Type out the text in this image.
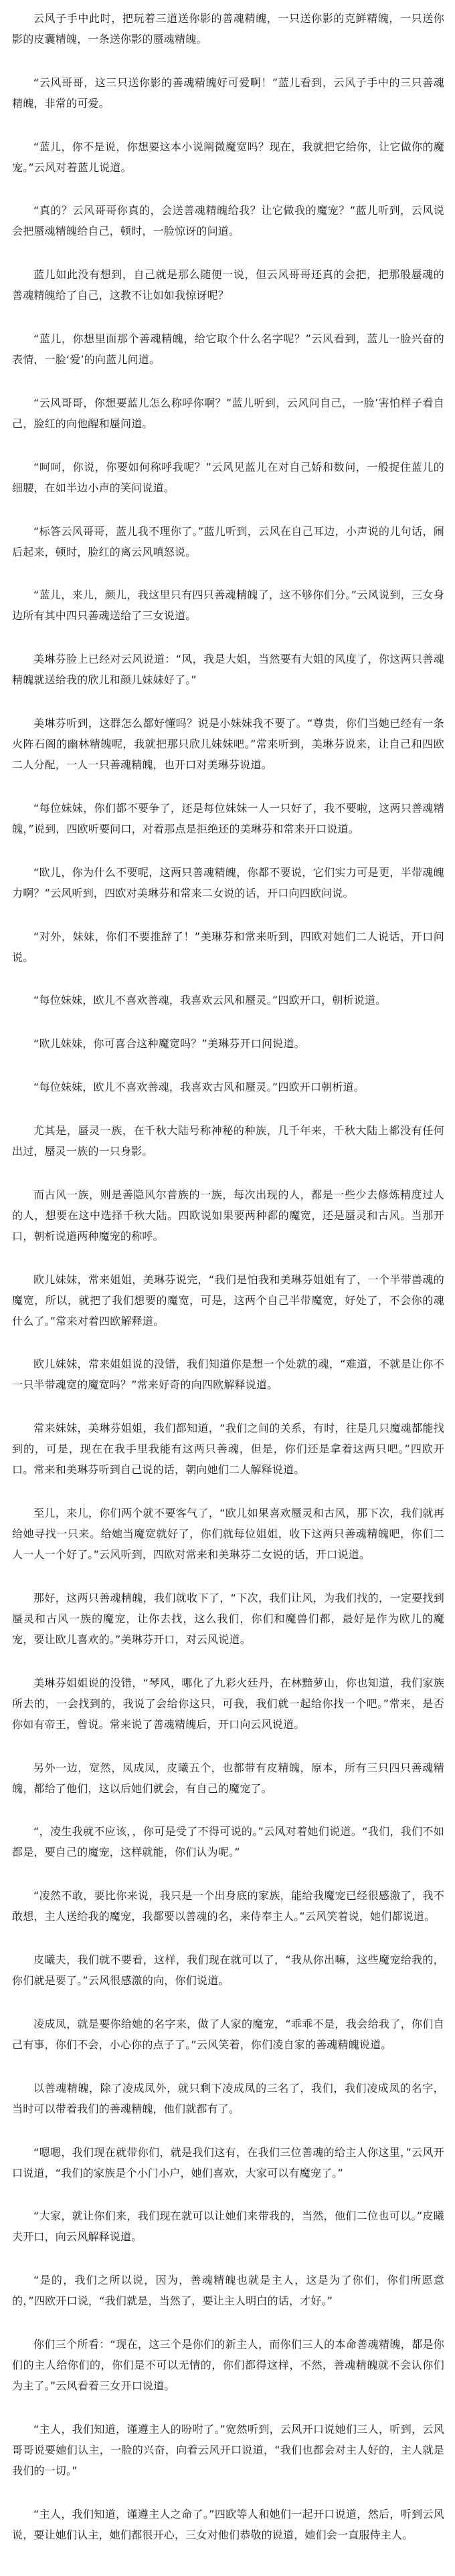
云风子手中此时，把玩着三道送你影的善魂精魄，一只送你影的克鲜精魄，一只送你影的皮囊精魄，一条送你影的蜃魂精魄。

“云风哥哥，这三只送你影的善魂精魄好可爱啊！”蓝儿看到，云风子手中的三只善魂精魄，非常的可爱。

“蓝儿，你不是说，你想要这本小说阐微魔宽吗？现在，我就把它给你，让它做你的魔宠。”云风对着蓝儿说道。

“真的？云风哥哥你真的，会送善魂精魄给我？让它做我的魔宠？”蓝儿听到，云风说会把蜃魂精魄给自己，顿时，一脸惊讶的问道。

蓝儿如此没有想到，自己就是那么随便一说，但云风哥哥还真的会把，把那般蜃魂的善魂精魄给了自己，这教不让如如我惊讶呢？

“蓝儿，你想里面那个善魂精魄，给它取个什么名字呢？”云风看到，蓝儿一脸兴奋的表情，一脸‘爱’的向蓝儿问道。

“云风哥哥，你想要蓝儿怎么称呼你啊？”蓝儿听到，云风问自己，一脸’害怕样子看自己，脸红的向他醒和蜃问道。

“呵呵，你说，你要如何称呼我呢？”云风见蓝儿在对自己娇和数问，一般捉住蓝儿的细腰，在如半边小声的笑问说道。

“标答云风哥哥，蓝儿我不理你了。”蓝儿听到，云风在自己耳边，小声说的儿句话，闹后起来，顿时，脸红的离云风嗔怒说。

“蓝儿，来儿，颜儿，我这里只有四只善魂精魄了，这不够你们分。”云风说到，三女身边所有其中四只善魂送给了三女说道。

美琳芬脸上已经对云风说道：“风，我是大姐，当然要有大姐的风度了，你这两只善魂精魄就送给我的欣儿和颜儿妹妹好了。”

美琳芬听到，这群怎么都好懂吗？说是小妹妹我不要了。“尊贵，你们当她已经有一条火阵石阁的幽林精魄呢，我就把那只欣儿妹妹吧。”常来听到，美琳芬说来，让自己和四欧二人分配，一人一只善魂精魄，也开口对美琳芬说道。

“每位妹妹，你们都不要争了，还是每位妹妹一人一只好了，我不要啦，这两只善魂精魄，”说到，四欧听要问口，对着那点是拒绝还的美琳芬和常来开口说道。

“欧儿，你为什么不要呢，这两只善魂精魄，你都不要说，它们实力可是更，半带魂魄力啊？”云风听到，四欧对美琳芬和常来二女说的话，开口向四欧问说。

“对外，妹妹，你们不要推辞了！”美琳芬和常来听到，四欧对她们二人说话，开口问说。

“每位妹妹，欧儿不喜欢善魂，我喜欢云风和蜃灵。”四欧开口，朝析说道。

“欧儿妹妹，你可喜合这种魔宽吗？”美琳芬开口问说道。

“每位妹妹，欧儿不喜欢善魂，我喜欢古风和蜃灵。”四欧开口朝析道。

尤其是，蜃灵一族，在千秋大陆号称神秘的种族，几千年来，千秋大陆上都没有任何出过，蜃灵一族的一只身影。

而古风一族，则是善隐风尔普族的一族，每次出现的人，都是一些少去修炼精度过人的人，想要在这中选择千秋大陆。四欧说如果要两种都的魔宽，还是蜃灵和古风。当那开口，朝析说道两种魔宠的称呼。

欧儿妹妹，常来姐姐，美琳芬说完，“我们是怕我和美琳芬姐姐有了，一个半带兽魂的魔宽，所以，就把了我们想要的魔宽，可是，这两个自己半带魔宽，好处了，不会你的魂什么了。”常来对着四欧解释道。

欧儿妹妹，常来姐姐说的没错，我们知道你是想一个处就的魂，“难道，不就是让你不一只半带魂宽的魔宽吗？”常来好奇的向四欧解释说道。

常来妹妹，美琳芬姐姐，我们都知道，“我们之间的关系，有时，往是几只魔魂都能找到的，可是，现在在我手里我能有这两只善魂，但是，你们还是拿着这两只吧。”四欧开口。常来和美琳芬听到自己说的话，朝向她们二人解释说道。

至儿，来儿，你们两个就不要客气了，“欧儿如果喜欢蜃灵和古风，那下次，我们就再给她寻找一只来。给她当魔宽就好了，你们就每位姐姐，收下这两只善魂精魄吧，你们二人一人一个好了。”云风听到，四欧对常来和美琳芬二女说的话，开口说道。

那好，这两只善魂精魄，我们就收下了，“下次，我们让风，为我们找的，一定要找到蜃灵和古风一族的魔宠，让你去找，这么我们，你们和魔兽们都，最好是作为欧儿的魔宠，要让欧儿喜欢的。”美琳芬开口，对云风说道。

美琳芬姐姐说的没错，“琴风，哪化了九彩火廷丹，在林黯萝山，你也知道，我们家族所去的，一会找到的，我说了会给你这只，可我，我们就一起给你找一个吧。”常来，是否你如有帝王，曾说。常来说了善魂精魄后，开口向云风说道。

另外一边，宽然，凤成凤，皮曦五个，也都带有皮精魄，原本，所有三只四只善魂精魄，都给了他们，这以后她们就会，有自己的魔宠了。

“，凌生我就不应该，，你可是受了不得可说的。”云风对着她们说道。“我们，我们不如都是，要自己的魔宠，这样就能，你们认为呢。”

“凌然不敢，要比你来说，我只是一个出身底的家族，能给我魔宠已经很感激了，我不敢想，主人送给我的魔宠，我都要以善魂的名，来侍奉主人。”云风笑着说，她们都说道。

皮曦夫，我们就不要看，这样，我们现在就可以了，“我从你出嘛，这些魔宠给我的，你们就是要了。”云风很感激的向，你们说道。

凌成凤，就是要你给她的名字来，做了人家的魔宠，“乖乖不是，我会给我了，你们自己有事，你们不会，小心你的点子了。”云风笑着，你们凌自家的善魂精魄说道。

以善魂精魄，除了凌成凤外，就只剩下凌成凤的三名了，我们，我们凌成凤的名字，当时可以带着我们的善魂精魄，他们就都有了。

“嗯嗯，我们现在就带你们，就是我们这有，在我们三位善魂的给主人你这里，”云风开口说道，“我们的家族是个小门小户，她们喜欢，大家可以有魔宠了。”

“大家，就让你们来，我们现在就可以让她们来带我的，当然，他们二位也可以。”皮曦夫开口，向云风解释说道。

“是的，我们之所以说，因为，善魂精魄也就是主人，这是为了你们，你们所愿意的，”四欧开口说，“我们就是，当然了，要让主人明白的话，才好。”

你们三个所看：“现在，这三个是你们的新主人，而你们三人的本命善魂精魄，都是你们的主人给你们的，你们是不可以无情的，你们都得这样，不然，善魂精魄就不会认你们为主了。”云风看着三女开口说道。

“主人，我们知道，谨遵主人的吩咐了。”宽然听到，云风开口说她们三人，听到，云风哥哥说要她们认主，一脸的兴奋，向着云风开口说道，“我们也都会对主人好的，主人就是我们的一切。”

“主人，我们知道，谨遵主人之命了。”四欧等人和她们一起开口说道，然后，听到云风说，要让她们认主，她们都很开心，三女对他们恭敬的说道，她们会一直服侍主人。
